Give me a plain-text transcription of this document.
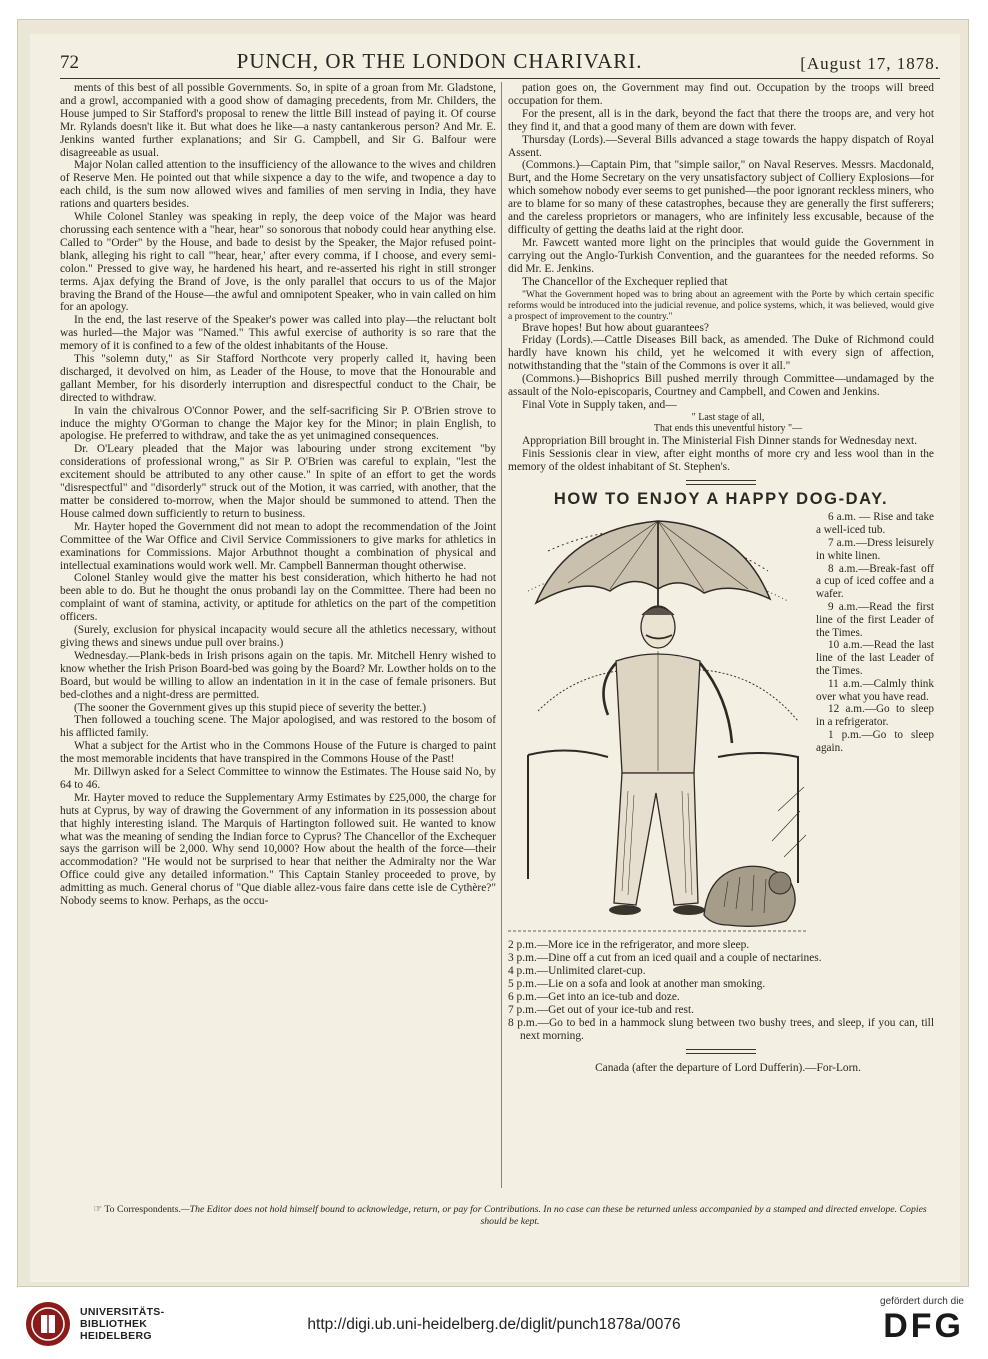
72	PUNCH, OR THE LONDON CHARIVARI.	[August 17, 1878.

ments of this best of all possible Governments. So, in spite of a groan from Mr. Gladstone, and a growl, accompanied with a good show of damaging precedents, from Mr. Childers, the House jumped to Sir Stafford's proposal to renew the little Bill instead of paying it. Of course Mr. Rylands doesn't like it. But what does he like—a nasty cantankerous person? And Mr. E. Jenkins wanted further explanations; and Sir G. Campbell, and Sir G. Balfour were disagreeable as usual.

Major Nolan called attention to the insufficiency of the allowance to the wives and children of Reserve Men. He pointed out that while sixpence a day to the wife, and twopence a day to each child, is the sum now allowed wives and families of men serving in India, they have rations and quarters besides.

While Colonel Stanley was speaking in reply, the deep voice of the Major was heard chorussing each sentence with a "hear, hear" so sonorous that nobody could hear anything else. Called to "Order" by the House, and bade to desist by the Speaker, the Major refused point-blank, alleging his right to call "'hear, hear,' after every comma, if I choose, and every semi-colon." Pressed to give way, he hardened his heart, and re-asserted his right in still stronger terms. Ajax defying the Brand of Jove, is the only parallel that occurs to us of the Major braving the Brand of the House—the awful and omnipotent Speaker, who in vain called on him for an apology.

In the end, the last reserve of the Speaker's power was called into play—the reluctant bolt was hurled—the Major was "Named." This awful exercise of authority is so rare that the memory of it is confined to a few of the oldest inhabitants of the House.

This "solemn duty," as Sir Stafford Northcote very properly called it, having been discharged, it devolved on him, as Leader of the House, to move that the Honourable and gallant Member, for his disorderly interruption and disrespectful conduct to the Chair, be directed to withdraw.

In vain the chivalrous O'Connor Power, and the self-sacrificing Sir P. O'Brien strove to induce the mighty O'Gorman to change the Major key for the Minor; in plain English, to apologise. He preferred to withdraw, and take the as yet unimagined consequences.

Dr. O'Leary pleaded that the Major was labouring under strong excitement "by considerations of professional wrong," as Sir P. O'Brien was careful to explain, "lest the excitement should be attributed to any other cause." In spite of an effort to get the words "disrespectful" and "disorderly" struck out of the Motion, it was carried, with another, that the matter be considered to-morrow, when the Major should be summoned to attend. Then the House calmed down sufficiently to return to business.

Mr. Hayter hoped the Government did not mean to adopt the recommendation of the Joint Committee of the War Office and Civil Service Commissioners to give marks for athletics in examinations for Commissions. Major Arbuthnot thought a combination of physical and intellectual examinations would work well. Mr. Campbell Bannerman thought otherwise.

Colonel Stanley would give the matter his best consideration, which hitherto he had not been able to do. But he thought the onus probandi lay on the Committee. There had been no complaint of want of stamina, activity, or aptitude for athletics on the part of the competition officers.

(Surely, exclusion for physical incapacity would secure all the athletics necessary, without giving thews and sinews undue pull over brains.)

Wednesday.—Plank-beds in Irish prisons again on the tapis. Mr. Mitchell Henry wished to know whether the Irish Prison Board-bed was going by the Board? Mr. Lowther holds on to the Board, but would be willing to allow an indentation in it in the case of female prisoners. But bed-clothes and a night-dress are permitted.

(The sooner the Government gives up this stupid piece of severity the better.)

Then followed a touching scene. The Major apologised, and was restored to the bosom of his afflicted family.

What a subject for the Artist who in the Commons House of the Future is charged to paint the most memorable incidents that have transpired in the Commons House of the Past!

Mr. Dillwyn asked for a Select Committee to winnow the Estimates. The House said No, by 64 to 46.

Mr. Hayter moved to reduce the Supplementary Army Estimates by £25,000, the charge for huts at Cyprus, by way of drawing the Government of any information in its possession about that highly interesting island. The Marquis of Hartington followed suit. He wanted to know what was the meaning of sending the Indian force to Cyprus? The Chancellor of the Exchequer says the garrison will be 2,000. Why send 10,000? How about the health of the force—their accommodation? "He would not be surprised to hear that neither the Admiralty nor the War Office could give any detailed information." This Captain Stanley proceeded to prove, by admitting as much. General chorus of "Que diable allez-vous faire dans cette isle de Cythère?" Nobody seems to know. Perhaps, as the occu-

pation goes on, the Government may find out. Occupation by the troops will breed occupation for them.

For the present, all is in the dark, beyond the fact that there the troops are, and very hot they find it, and that a good many of them are down with fever.

Thursday (Lords).—Several Bills advanced a stage towards the happy dispatch of Royal Assent.

(Commons.)—Captain Pim, that "simple sailor," on Naval Reserves. Messrs. Macdonald, Burt, and the Home Secretary on the very unsatisfactory subject of Colliery Explosions—for which somehow nobody ever seems to get punished—the poor ignorant reckless miners, who are to blame for so many of these catastrophes, because they are generally the first sufferers; and the careless proprietors or managers, who are infinitely less excusable, because of the difficulty of getting the deaths laid at the right door.

Mr. Fawcett wanted more light on the principles that would guide the Government in carrying out the Anglo-Turkish Convention, and the guarantees for the needed reforms. So did Mr. E. Jenkins.

The Chancellor of the Exchequer replied that

"What the Government hoped was to bring about an agreement with the Porte by which certain specific reforms would be introduced into the judicial revenue, and police systems, which, it was believed, would give a prospect of improvement to the country."

Brave hopes! But how about guarantees?

Friday (Lords).—Cattle Diseases Bill back, as amended. The Duke of Richmond could hardly have known his child, yet he welcomed it with every sign of affection, notwithstanding that the "stain of the Commons is over it all."

(Commons.)—Bishoprics Bill pushed merrily through Committee—undamaged by the assault of the Nolo-episcoparis, Courtney and Campbell, and Cowen and Jenkins.

Final Vote in Supply taken, and—

" Last stage of all,

That ends this uneventful history "—

Appropriation Bill brought in. The Ministerial Fish Dinner stands for Wednesday next.

Finis Sessionis clear in view, after eight months of more cry and less wool than in the memory of the oldest inhabitant of St. Stephen's.

HOW TO ENJOY A HAPPY DOG-DAY.

6 a.m. — Rise and take a well-iced tub.

7 a.m.—Dress leisurely in white linen.

8 a.m.—Break-fast off a cup of iced coffee and a wafer.

9 a.m.—Read the first line of the first Leader of the Times.

10 a.m.—Read the last line of the last Leader of the Times.

11 a.m.—Calmly think over what you have read.

12 a.m.—Go to sleep in a refrigerator.

1 p.m.—Go to sleep again.

2 p.m.—More ice in the refrigerator, and more sleep.

3 p.m.—Dine off a cut from an iced quail and a couple of nectarines.

4 p.m.—Unlimited claret-cup.

5 p.m.—Lie on a sofa and look at another man smoking.

6 p.m.—Get into an ice-tub and doze.

7 p.m.—Get out of your ice-tub and rest.

8 p.m.—Go to bed in a hammock slung between two bushy trees, and sleep, if you can, till next morning.

Canada (after the departure of Lord Dufferin).—For-Lorn.

☞ To Correspondents.—The Editor does not hold himself bound to acknowledge, return, or pay for Contributions. In no case can these be returned unless accompanied by a stamped and directed envelope. Copies should be kept.
UNIVERSITÄTS-
BIBLIOTHEK
HEIDELBERG
http://digi.ub.uni-heidelberg.de/diglit/punch1878a/0076
gefördert durch die
DFG
